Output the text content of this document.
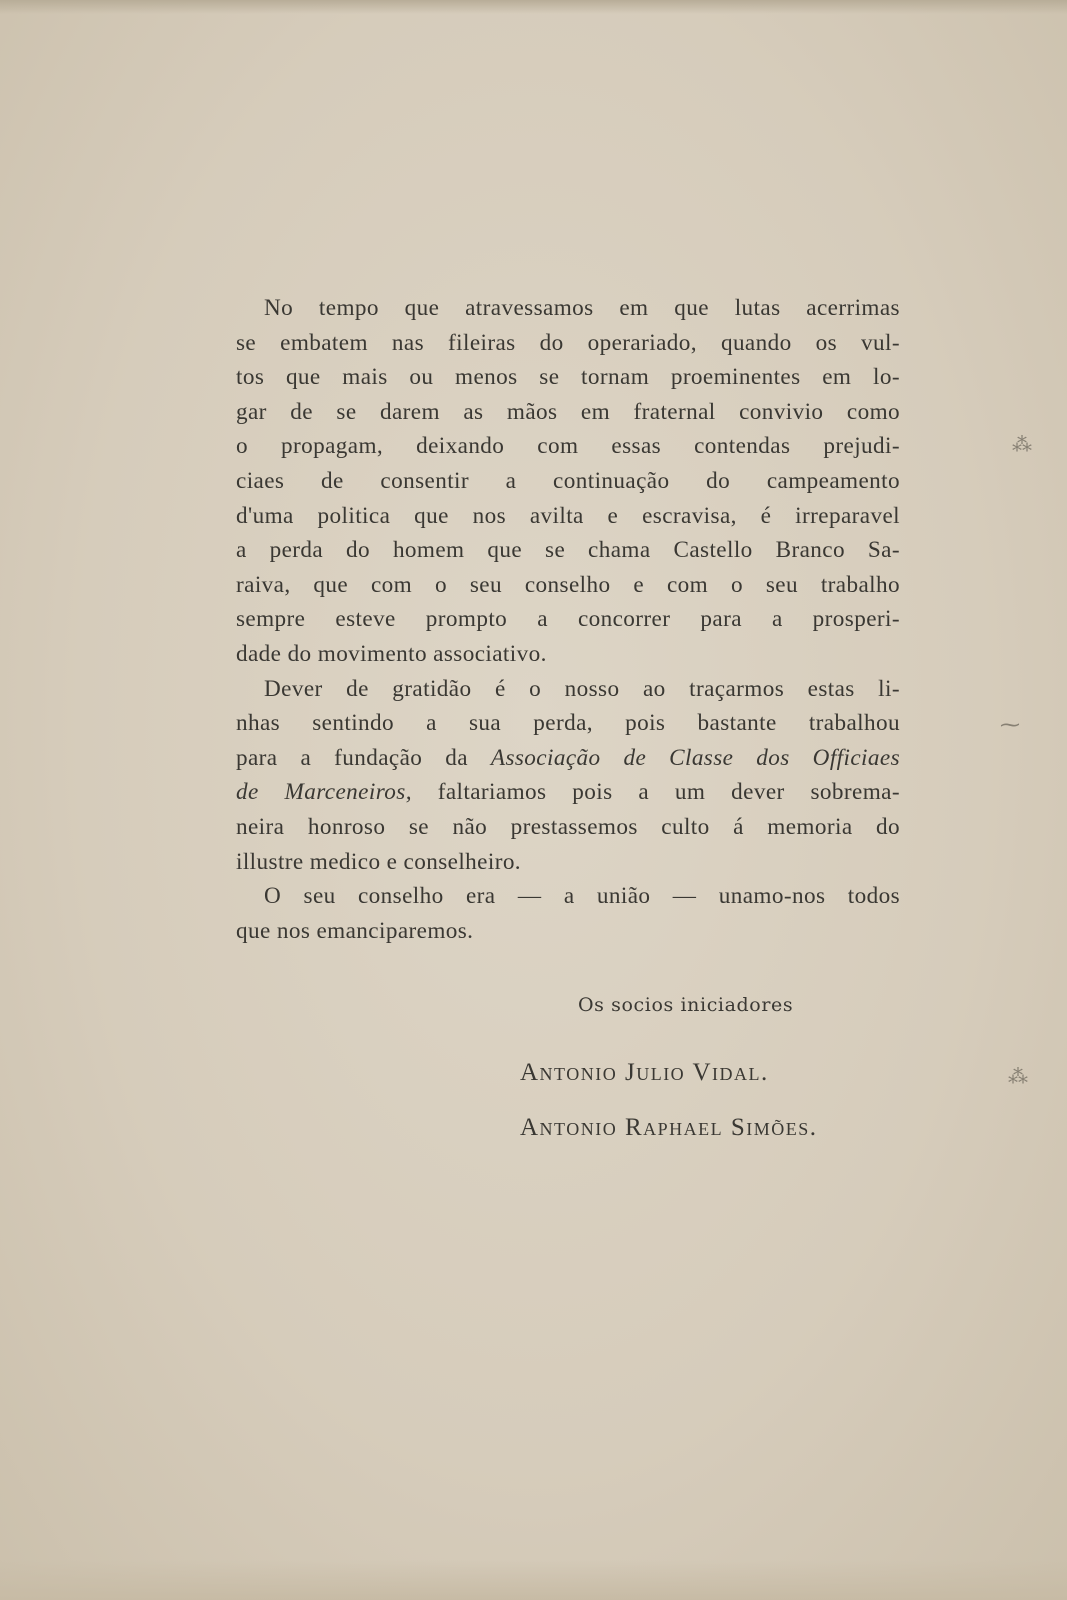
⁂
⁓
⁂

No tempo que atravessamos em que lutas acerrimas
se embatem nas fileiras do operariado, quando os vul-
tos que mais ou menos se tornam proeminentes em lo-
gar de se darem as mãos em fraternal convivio como
o propagam, deixando com essas contendas prejudi-
ciaes de consentir a continuação do campeamento
d'uma politica que nos avilta e escravisa, é irreparavel
a perda do homem que se chama Castello Branco Sa-
raiva, que com o seu conselho e com o seu trabalho
sempre esteve prompto a concorrer para a prosperi-
dade do movimento associativo.

Dever de gratidão é o nosso ao traçarmos estas li-
nhas sentindo a sua perda, pois bastante trabalhou
para a fundação da Associação de Classe dos Officiaes
de Marceneiros, faltariamos pois a um dever sobrema-
neira honroso se não prestassemos culto á memoria do
illustre medico e conselheiro.

O seu conselho era — a união — unamo-nos todos
que nos emanciparemos.

Os socios iniciadores
Antonio Julio Vidal.
Antonio Raphael Simões.
